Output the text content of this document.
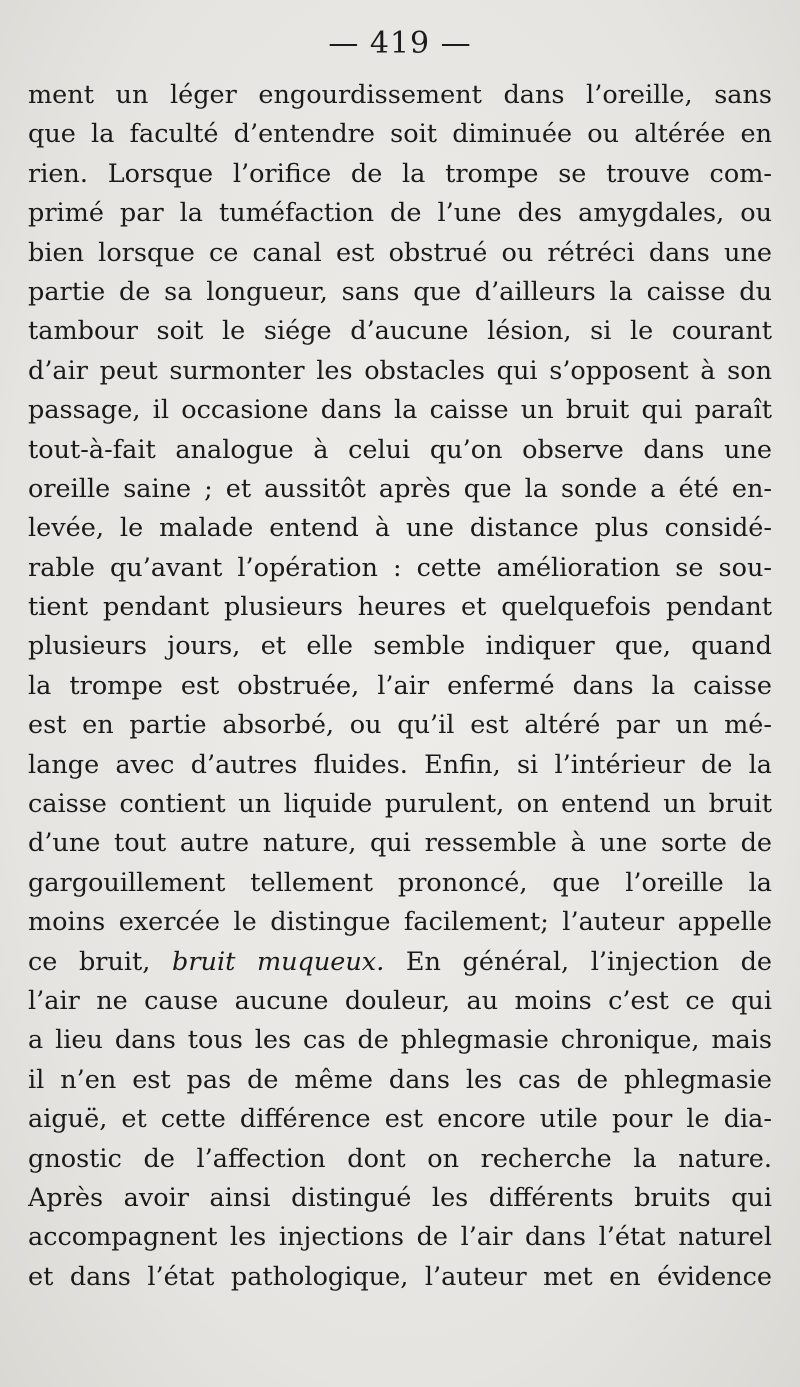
— 419 —
ment un léger engourdissement dans l’oreille, sans
que la faculté d’entendre soit diminuée ou altérée en
rien. Lorsque l’orifice de la trompe se trouve com-
primé par la tuméfaction de l’une des amygdales, ou
bien lorsque ce canal est obstrué ou rétréci dans une
partie de sa longueur, sans que d’ailleurs la caisse du
tambour soit le siége d’aucune lésion, si le courant
d’air peut surmonter les obstacles qui s’opposent à son
passage, il occasione dans la caisse un bruit qui paraît
tout-à-fait analogue à celui qu’on observe dans une
oreille saine ; et aussitôt après que la sonde a été en-
levée, le malade entend à une distance plus considé-
rable qu’avant l’opération : cette amélioration se sou-
tient pendant plusieurs heures et quelquefois pendant
plusieurs jours, et elle semble indiquer que, quand
la trompe est obstruée, l’air enfermé dans la caisse
est en partie absorbé, ou qu’il est altéré par un mé-
lange avec d’autres fluides. Enfin, si l’intérieur de la
caisse contient un liquide purulent, on entend un bruit
d’une tout autre nature, qui ressemble à une sorte de
gargouillement tellement prononcé, que l’oreille la
moins exercée le distingue facilement; l’auteur appelle
ce bruit, bruit muqueux. En général, l’injection de
l’air ne cause aucune douleur, au moins c’est ce qui
a lieu dans tous les cas de phlegmasie chronique, mais
il n’en est pas de même dans les cas de phlegmasie
aiguë, et cette différence est encore utile pour le dia-
gnostic de l’affection dont on recherche la nature.
Après avoir ainsi distingué les différents bruits qui
accompagnent les injections de l’air dans l’état naturel
et dans l’état pathologique, l’auteur met en évidence
